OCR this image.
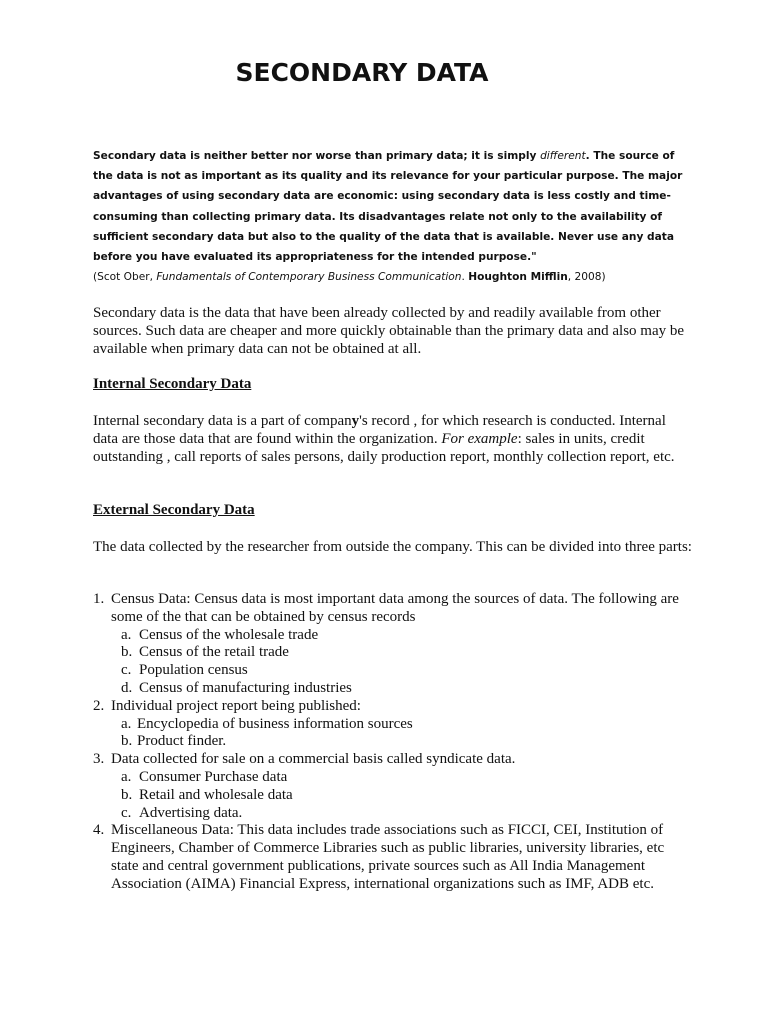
SECONDARY DATA
Secondary data is neither better nor worse than primary data; it is simply different. The source of the data is not as important as its quality and its relevance for your particular purpose. The major advantages of using secondary data are economic: using secondary data is less costly and time-consuming than collecting primary data. Its disadvantages relate not only to the availability of sufficient secondary data but also to the quality of the data that is available. Never use any data before you have evaluated its appropriateness for the intended purpose."
(Scot Ober, Fundamentals of Contemporary Business Communication. Houghton Mifflin, 2008)

Secondary data is the data that have been already collected by and readily available from other sources. Such data are cheaper and more quickly obtainable than the primary data and also may be available when primary data can not be obtained at all.

Internal Secondary Data

Internal secondary data is a part of company's record , for which research is conducted. Internal data are those data that are found within the organization. For example: sales in units, credit outstanding , call reports of sales persons, daily production report, monthly collection report, etc.

External Secondary Data

The data collected by the researcher from outside the company. This can be divided into three parts:

1. Census Data: Census data is most important data among the sources of data. The following are some of the that can be obtained by census records
a. Census of the wholesale trade
b. Census of the retail trade
c. Population census
d. Census of manufacturing industries
2. Individual project report being published:
a. Encyclopedia of business information sources
b. Product finder.
3. Data collected for sale on a commercial basis called syndicate data.
a. Consumer Purchase data
b. Retail and wholesale data
c. Advertising data.
4. Miscellaneous Data: This data includes trade associations such as FICCI, CEI, Institution of Engineers, Chamber of Commerce Libraries such as public libraries, university libraries, etc state and central government publications, private sources such as All India Management Association (AIMA) Financial Express, international organizations such as IMF, ADB etc.
